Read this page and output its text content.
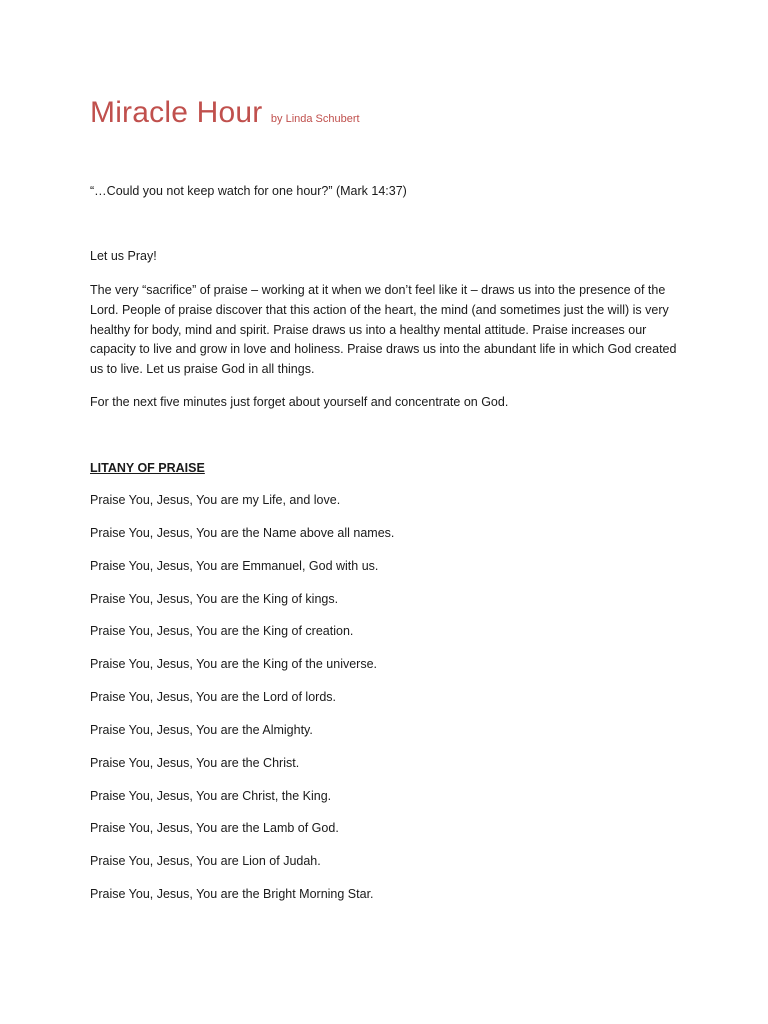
Miracle Hour by Linda Schubert
“…Could you not keep watch for one hour?” (Mark 14:37)
Let us Pray!
The very “sacrifice” of praise – working at it when we don’t feel like it – draws us into the presence of the Lord. People of praise discover that this action of the heart, the mind (and sometimes just the will) is very healthy for body, mind and spirit. Praise draws us into a healthy mental attitude. Praise increases our capacity to live and grow in love and holiness. Praise draws us into the abundant life in which God created us to live. Let us praise God in all things.
For the next five minutes just forget about yourself and concentrate on God.
LITANY OF PRAISE
Praise You, Jesus, You are my Life, and love.
Praise You, Jesus, You are the Name above all names.
Praise You, Jesus, You are Emmanuel, God with us.
Praise You, Jesus, You are the King of kings.
Praise You, Jesus, You are the King of creation.
Praise You, Jesus, You are the King of the universe.
Praise You, Jesus, You are the Lord of lords.
Praise You, Jesus, You are the Almighty.
Praise You, Jesus, You are the Christ.
Praise You, Jesus, You are Christ, the King.
Praise You, Jesus, You are the Lamb of God.
Praise You, Jesus, You are Lion of Judah.
Praise You, Jesus, You are the Bright Morning Star.
